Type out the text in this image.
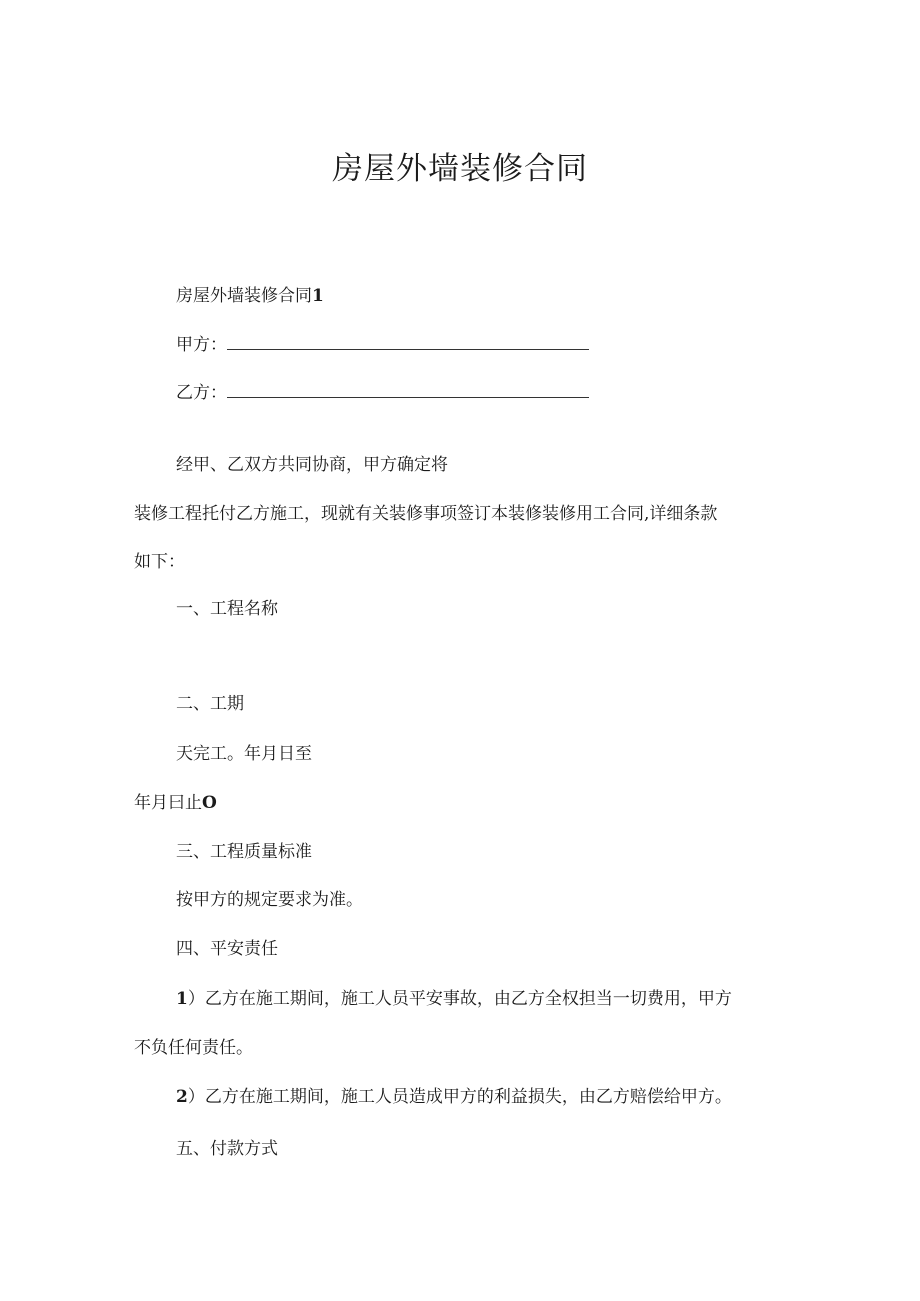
房屋外墙装修合同
房屋外墙装修合同1
甲方：
乙方：
经甲、乙双方共同协商，甲方确定将
装修工程托付乙方施工，现就有关装修事项签订本装修装修用工合同,详细条款
如下：
一、工程名称
二、工期
天完工。年月日至
年月曰止O
三、工程质量标准
按甲方的规定要求为准。
四、平安责任
1）乙方在施工期间，施工人员平安事故，由乙方全权担当一切费用，甲方
不负任何责任。
2）乙方在施工期间，施工人员造成甲方的利益损失，由乙方赔偿给甲方。
五、付款方式
